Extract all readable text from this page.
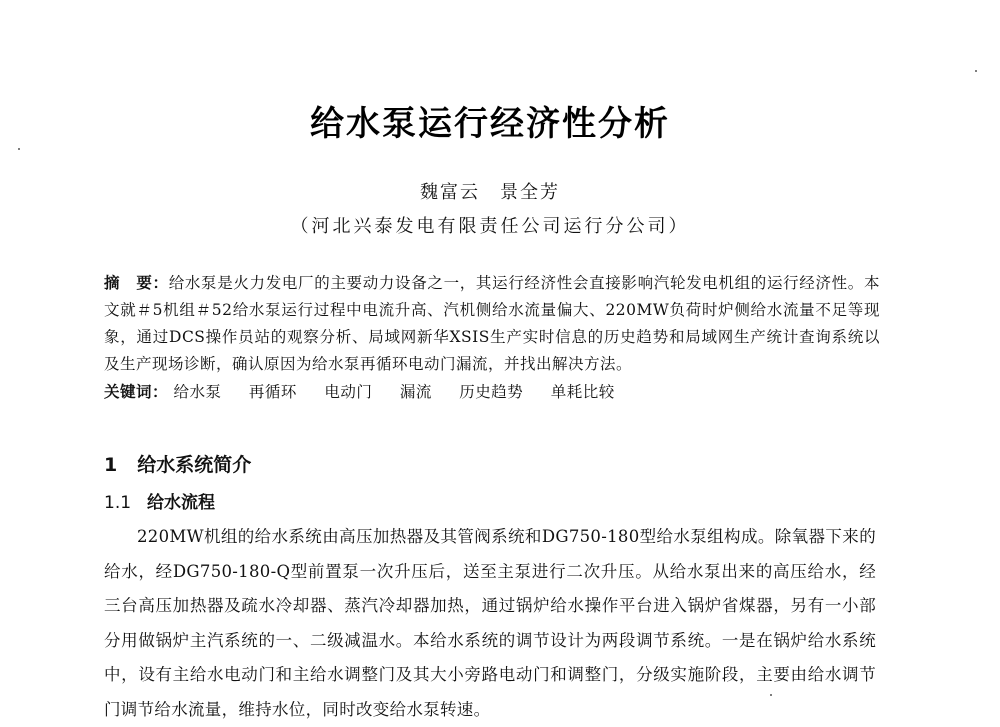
给水泵运行经济性分析
魏富云　景全芳
（河北兴泰发电有限责任公司运行分公司）
摘　要：给水泵是火力发电厂的主要动力设备之一，其运行经济性会直接影响汽轮发电机组的运行经济性。本文就＃5机组＃52给水泵运行过程中电流升高、汽机侧给水流量偏大、220MW负荷时炉侧给水流量不足等现象，通过DCS操作员站的观察分析、局域网新华XSIS生产实时信息的历史趋势和局域网生产统计查询系统以及生产现场诊断，确认原因为给水泵再循环电动门漏流，并找出解决方法。
关键词： 给水泵 再循环 电动门 漏流 历史趋势 单耗比较
1 给水系统简介
1.1 给水流程
220MW机组的给水系统由高压加热器及其管阀系统和DG750-180型给水泵组构成。除氧器下来的给水，经DG750-180-Q型前置泵一次升压后，送至主泵进行二次升压。从给水泵出来的高压给水，经三台高压加热器及疏水冷却器、蒸汽冷却器加热，通过锅炉给水操作平台进入锅炉省煤器，另有一小部分用做锅炉主汽系统的一、二级减温水。本给水系统的调节设计为两段调节系统。一是在锅炉给水系统中，设有主给水电动门和主给水调整门及其大小旁路电动门和调整门，分级实施阶段，主要由给水调节门调节给水流量，维持水位，同时改变给水泵转速。
